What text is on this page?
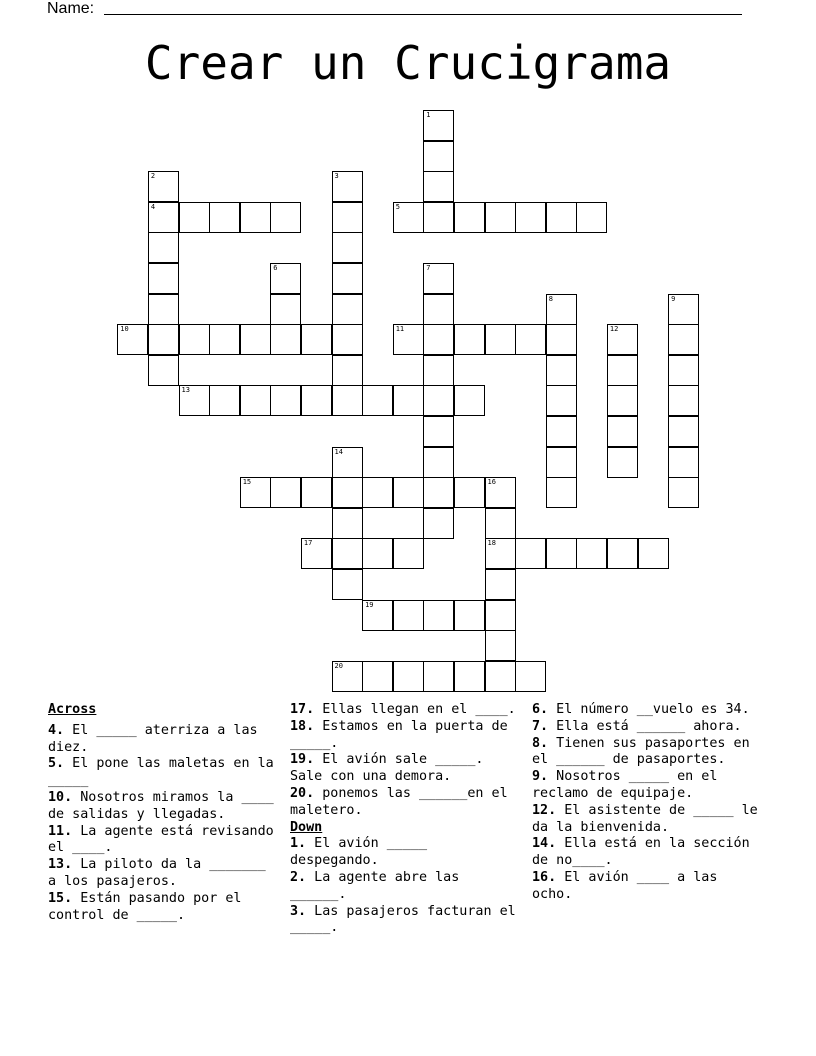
Name:
Crear un Crucigrama
1
2	3
4	5
6	7
8	9
10	11	12
13
14
15	16
17	18
19
20
Across
4. El _____ aterriza a las diez.
5. El pone las maletas en la _____
10. Nosotros miramos la ____ de salidas y llegadas.
11. La agente está revisando el ____.
13. La piloto da la _______ a los pasajeros.
15. Están pasando por el control de _____.
17. Ellas llegan en el ____.
18. Estamos en la puerta de _____.
19. El avión sale _____. Sale con una demora.
20. ponemos las ______en el maletero.
Down
1. El avión _____ despegando.
2. La agente abre las ______.
3. Las pasajeros facturan el _____.
6. El número __vuelo es 34.
7. Ella está ______ ahora.
8. Tienen sus pasaportes en el ______ de pasaportes.
9. Nosotros _____ en el reclamo de equipaje.
12. El asistente de _____ le da la bienvenida.
14. Ella está en la sección de no____.
16. El avión ____ a las ocho.
